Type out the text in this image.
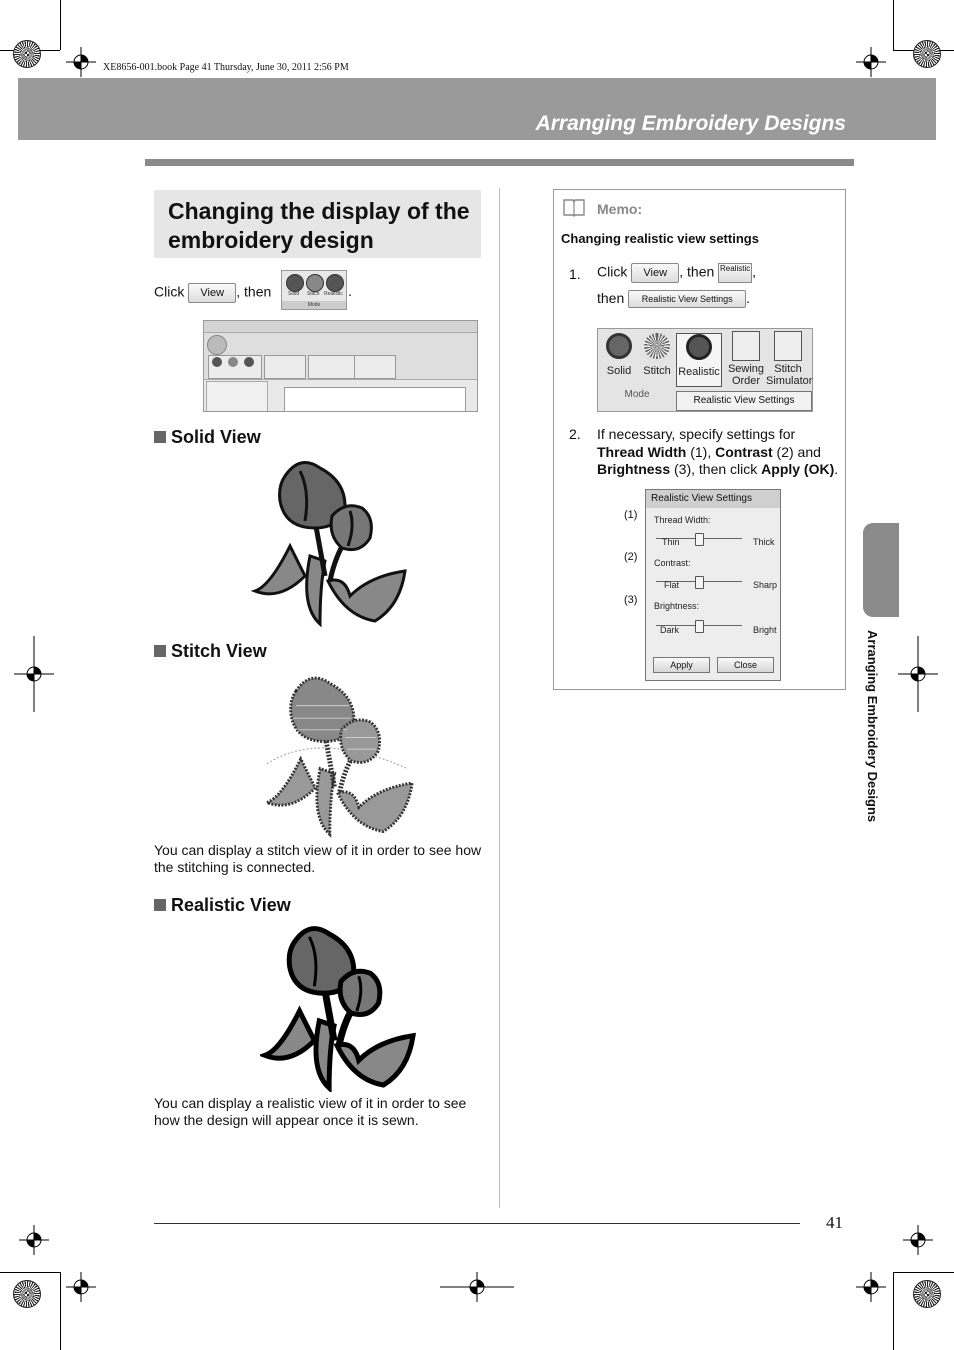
XE8656-001.book Page 41 Thursday, June 30, 2011 2:56 PM
Arranging Embroidery Designs
Changing the display of the embroidery design
Click View , then	Solid Stitch Realistic
Mode
.
Solid View
Stitch View
You can display a stitch view of it in order to see how the stitching is connected.
Realistic View
You can display a realistic view of it in order to see how the design will appear once it is sewn.
Memo:
Changing realistic view settings
1. Click View , then Realistic ,
then Realistic View Settings .
Solid	Stitch Realistic Sewing Order
Stitch Simulator
Mode
Realistic View Settings
2. If necessary, specify settings for Thread Width (1), Contrast (2) and Brightness (3), then click Apply (OK).
(1)
(2)
(3)
Realistic View Settings
Thread Width:
Thin	Thick
Contrast:
Flat	Sharp
Brightness:
Dark	Bright
Apply	Close	Arranging Embroidery Designs
41
